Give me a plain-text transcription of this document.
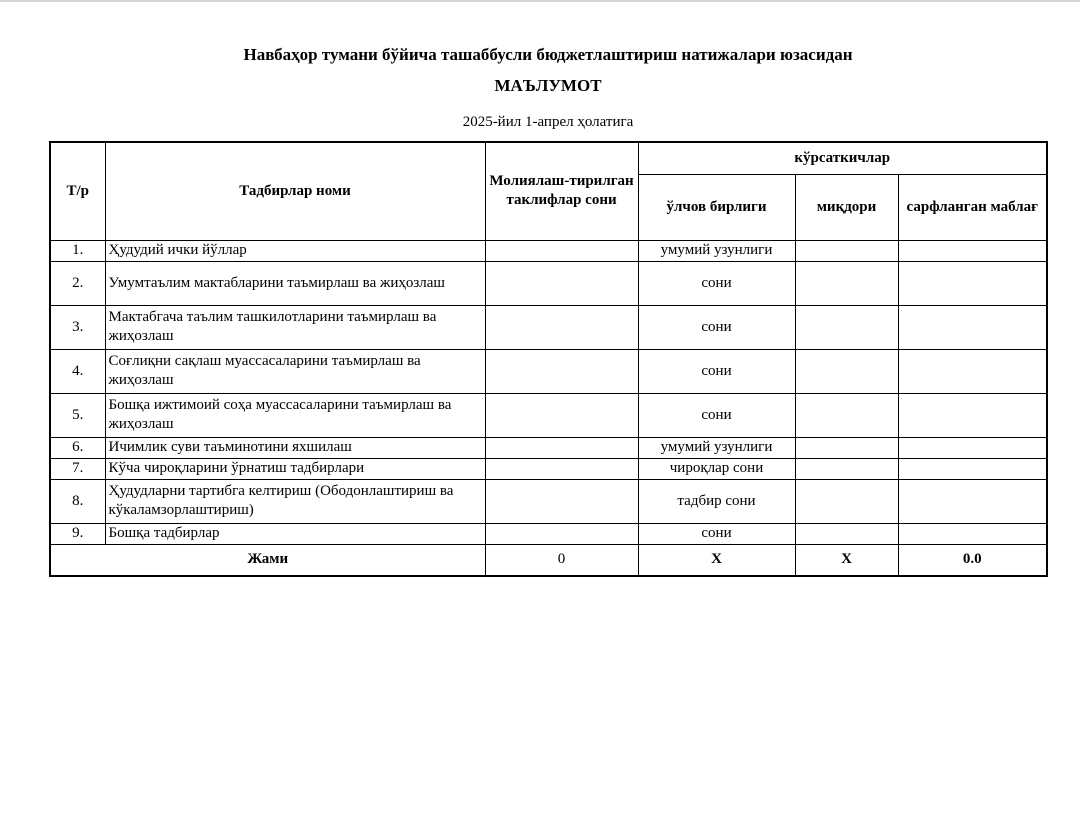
Навбаҳор тумани бўйича ташаббусли бюджетлаштириш натижалари юзасидан
МАЪЛУМОТ
2025-йил 1-апрел ҳолатига
Т/р	Тадбирлар номи	Молиялаш-тирилган таклифлар сони	кўрсаткичлар		
			ўлчов бирлиги	миқдори	сарфланган маблағ
1.	Ҳудудий ички йўллар		умумий узунлиги		
2.	Умумтаълим мактабларини таъмирлаш ва жиҳозлаш		сони		
3.	Мактабгача таълим ташкилотларини таъмирлаш ва жиҳозлаш		сони		
4.	Соғлиқни сақлаш муассасаларини таъмирлаш ва жиҳозлаш		сони		
5.	Бошқа ижтимоий соҳа муассасаларини таъмирлаш ва жиҳозлаш		сони		
6.	Ичимлик суви таъминотини яхшилаш		умумий узунлиги		
7.	Кўча чироқларини ўрнатиш тадбирлари		чироқлар сони		
8.	Ҳудудларни тартибга келтириш (Ободонлаштириш ва кўкаламзорлаштириш)		тадбир сони		
9.	Бошқа тадбирлар		сони		
Жами		0	X	X	0.0
